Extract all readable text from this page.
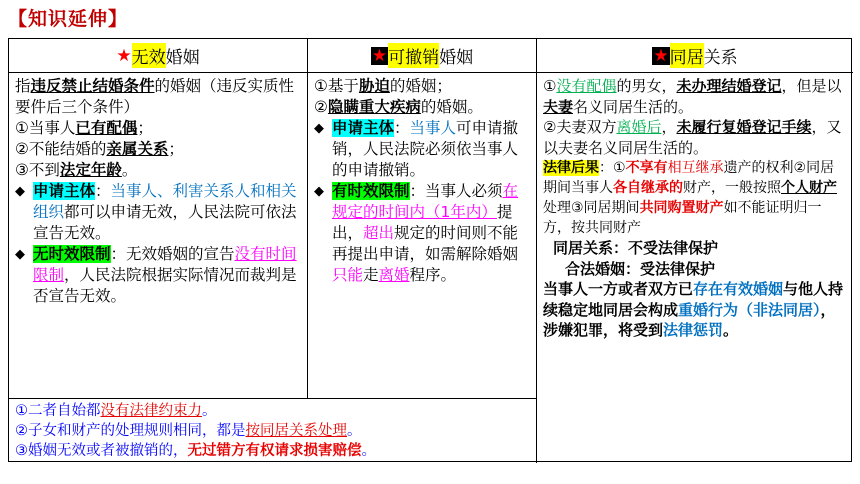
【知识延伸】
★ 无效 婚姻	★ 可撤销 婚姻	★ 同居 关系
指违反禁止结婚条件的婚姻（违反实质性要件后三个条件）
①当事人已有配偶；
②不能结婚的亲属关系；
③不到法定年龄。
◆ 申请主体：当事人、利害关系人和相关组织都可以申请无效，人民法院可依法宣告无效。
◆ 无时效限制：无效婚姻的宣告没有时间限制，人民法院根据实际情况而裁判是否宣告无效。
①基于胁迫的婚姻；
②隐瞒重大疾病的婚姻。
◆ 申请主体：当事人可申请撤销，人民法院必须依当事人的申请撤销。
◆ 有时效限制：当事人必须在规定的时间内（1年内）提出，超出规定的时间则不能再提出申请，如需解除婚姻只能走离婚程序。
①没有配偶的男女，未办理结婚登记，但是以夫妻名义同居生活的。
②夫妻双方离婚后，未履行复婚登记手续，又以夫妻名义同居生活的。
法律后果：①不享有相互继承遗产的权利②同居期间当事人各自继承的财产，一般按照个人财产处理③同居期间共同购置财产如不能证明归一方，按共同财产
同居关系：不受法律保护
合法婚姻：受法律保护
当事人一方或者双方已存在有效婚姻与他人持续稳定地同居会构成重婚行为（非法同居），涉嫌犯罪，将受到法律惩罚。
①二者自始都没有法律约束力。
②子女和财产的处理规则相同，都是按同居关系处理。
③婚姻无效或者被撤销的，无过错方有权请求损害赔偿。
